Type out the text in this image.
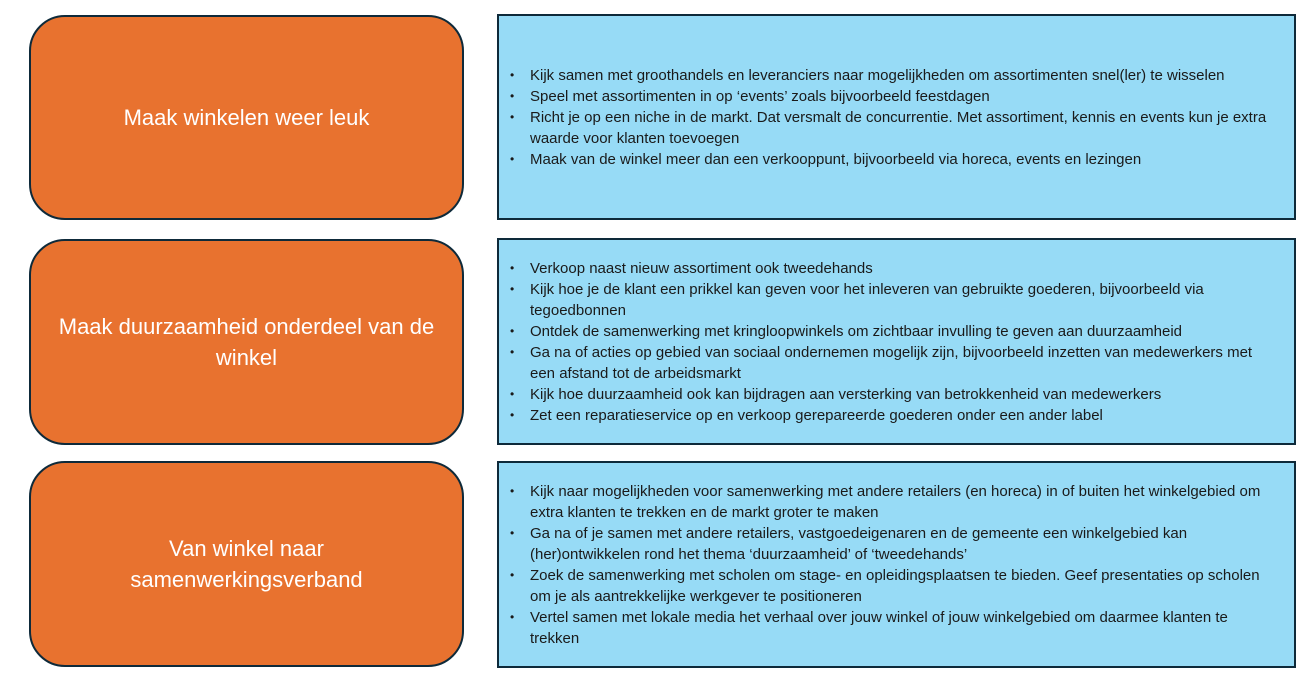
Maak winkelen weer leuk
• Kijk samen met groothandels en leveranciers naar mogelijkheden om assortimenten snel(ler) te wisselen
• Speel met assortimenten in op ‘events’ zoals bijvoorbeeld feestdagen
• Richt je op een niche in de markt. Dat versmalt de concurrentie. Met assortiment, kennis en events kun je extra waarde voor klanten toevoegen
• Maak van de winkel meer dan een verkooppunt, bijvoorbeeld via horeca, events en lezingen
Maak duurzaamheid onderdeel van de winkel
• Verkoop naast nieuw assortiment ook tweedehands
• Kijk hoe je de klant een prikkel kan geven voor het inleveren van gebruikte goederen, bijvoorbeeld via tegoedbonnen
• Ontdek de samenwerking met kringloopwinkels om zichtbaar invulling te geven aan duurzaamheid
• Ga na of acties op gebied van sociaal ondernemen mogelijk zijn, bijvoorbeeld inzetten van medewerkers met een afstand tot de arbeidsmarkt
• Kijk hoe duurzaamheid ook kan bijdragen aan versterking van betrokkenheid van medewerkers
• Zet een reparatieservice op en verkoop gerepareerde goederen onder een ander label
Van winkel naar samenwerkingsverband
• Kijk naar mogelijkheden voor samenwerking met andere retailers (en horeca) in of buiten het winkelgebied om extra klanten te trekken en de markt groter te maken
• Ga na of je samen met andere retailers, vastgoedeigenaren en de gemeente een winkelgebied kan (her)ontwikkelen rond het thema ‘duurzaamheid’ of ‘tweedehands’
• Zoek de samenwerking met scholen om stage- en opleidingsplaatsen te bieden. Geef presentaties op scholen om je als aantrekkelijke werkgever te positioneren
• Vertel samen met lokale media het verhaal over jouw winkel of jouw winkelgebied om daarmee klanten te trekken
